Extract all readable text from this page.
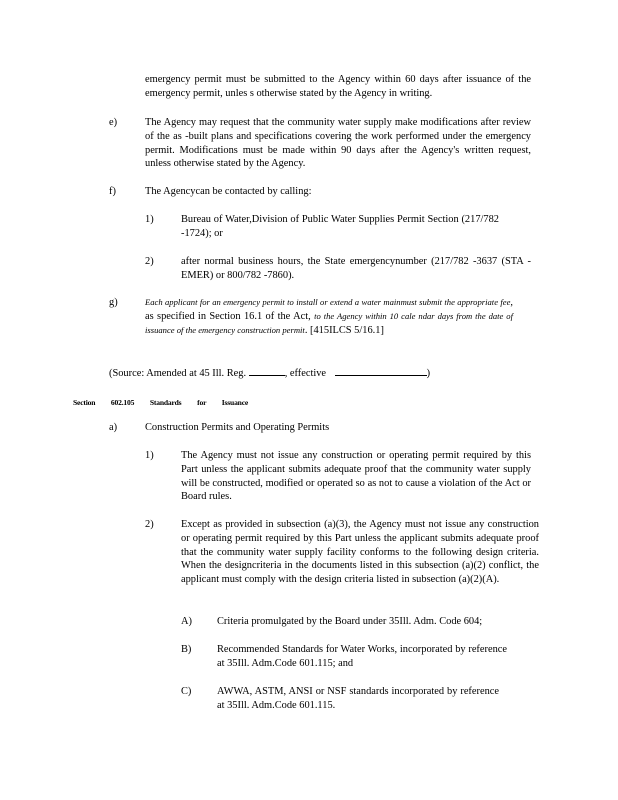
emergency permit must be submitted to the Agency within 60 days after issuance of the emergency permit, unles s otherwise stated by the Agency in writing.
e)	The Agency may request that the community water supply make modifications after review of the as -built plans and specifications covering the work performed under the emergency permit. Modifications must be made within 90 days after the Agency's written request, unless otherwise stated by the Agency.
f)	The Agencycan be contacted by calling:
1)	Bureau of Water,Division of Public Water Supplies Permit Section (217/782 -1724); or
2)	after normal business hours, the State emergencynumber (217/782 -3637 (STA -EMER) or 800/782 -7860).
g)	Each applicant for an emergency permit to install or extend a water mainmust submit the appropriate fee, as specified in Section 16.1 of the Act, to the Agency within 10 cale ndar days from the date of issuance of the emergency construction permit. [415ILCS 5/16.1]
(Source: Amended at 45 Ill. Reg.	, effective	)
Section 602.105 Standards for Issuance
a)	Construction Permits and Operating Permits
1)	The Agency must not issue any construction or operating permit required by this Part unless the applicant submits adequate proof that the community water supply will be constructed, modified or operated so as not to cause a violation of the Act or Board rules.
2)	Except as provided in subsection (a)(3), the Agency must not issue any construction or operating permit required by this Part unless the applicant submits adequate proof that the community water supply facility conforms to the following design criteria. When the designcriteria in the documents listed in this subsection (a)(2) conflict, the applicant must comply with the design criteria listed in subsection (a)(2)(A).
A) Criteria promulgated by the Board under 35Ill. Adm. Code 604;
B) Recommended Standards for Water Works, incorporated by reference at 35Ill. Adm.Code 601.115; and
C) AWWA, ASTM, ANSI or NSF standards incorporated by reference at 35Ill. Adm.Code 601.115.
